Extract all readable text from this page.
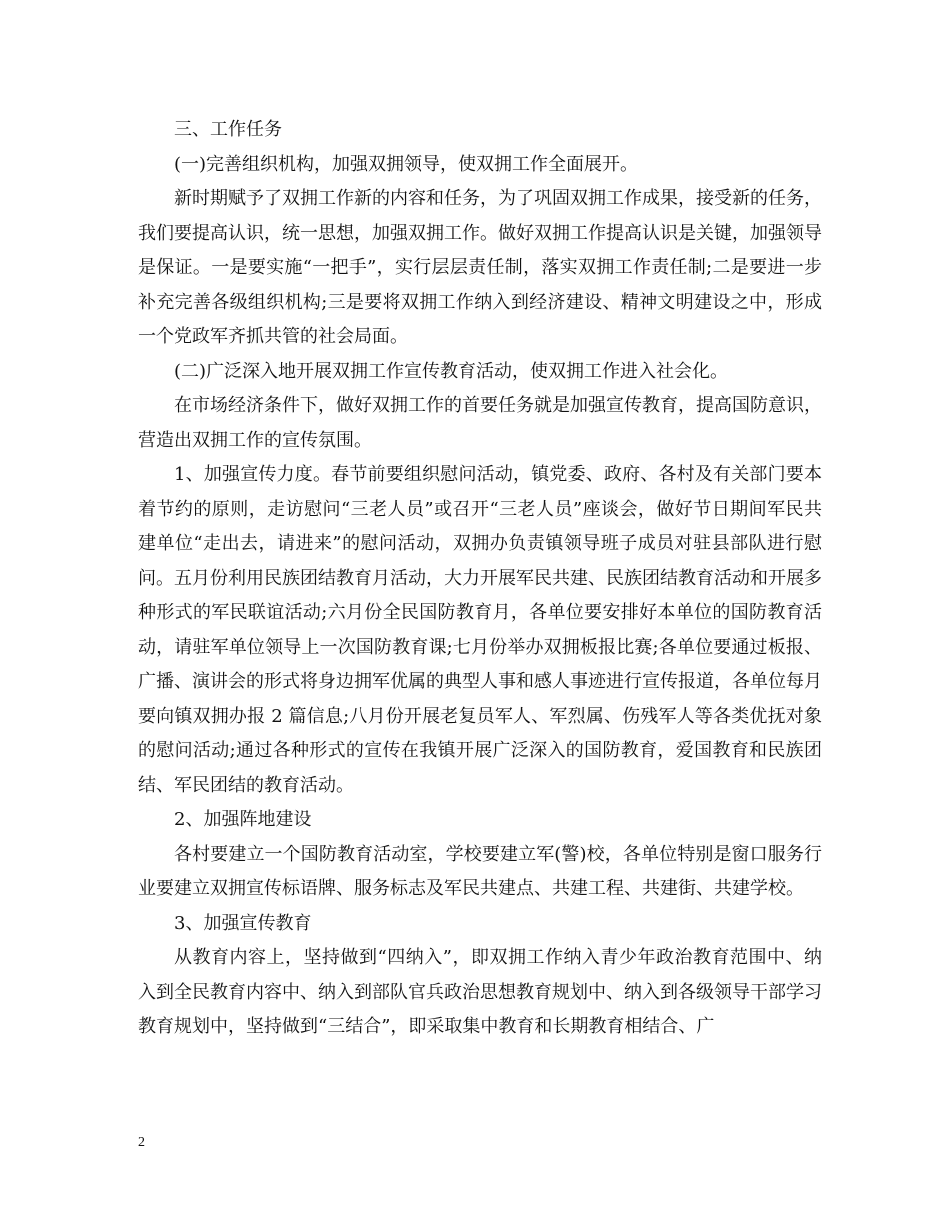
三、工作任务

(一)完善组织机构，加强双拥领导，使双拥工作全面展开。

新时期赋予了双拥工作新的内容和任务，为了巩固双拥工作成果，接受新的任务，我们要提高认识，统一思想，加强双拥工作。做好双拥工作提高认识是关键，加强领导是保证。一是要实施“一把手”，实行层层责任制，落实双拥工作责任制;二是要进一步补充完善各级组织机构;三是要将双拥工作纳入到经济建设、精神文明建设之中，形成一个党政军齐抓共管的社会局面。

(二)广泛深入地开展双拥工作宣传教育活动，使双拥工作进入社会化。

在市场经济条件下，做好双拥工作的首要任务就是加强宣传教育，提高国防意识，营造出双拥工作的宣传氛围。

1、加强宣传力度。春节前要组织慰问活动，镇党委、政府、各村及有关部门要本着节约的原则，走访慰问“三老人员”或召开“三老人员”座谈会，做好节日期间军民共建单位“走出去，请进来”的慰问活动，双拥办负责镇领导班子成员对驻县部队进行慰问。五月份利用民族团结教育月活动，大力开展军民共建、民族团结教育活动和开展多种形式的军民联谊活动;六月份全民国防教育月，各单位要安排好本单位的国防教育活动，请驻军单位领导上一次国防教育课;七月份举办双拥板报比赛;各单位要通过板报、广播、演讲会的形式将身边拥军优属的典型人事和感人事迹进行宣传报道，各单位每月要向镇双拥办报 2 篇信息;八月份开展老复员军人、军烈属、伤残军人等各类优抚对象的慰问活动;通过各种形式的宣传在我镇开展广泛深入的国防教育，爱国教育和民族团结、军民团结的教育活动。

2、加强阵地建设

各村要建立一个国防教育活动室，学校要建立军(警)校，各单位特别是窗口服务行业要建立双拥宣传标语牌、服务标志及军民共建点、共建工程、共建街、共建学校。

3、加强宣传教育

从教育内容上，坚持做到“四纳入”，即双拥工作纳入青少年政治教育范围中、纳入到全民教育内容中、纳入到部队官兵政治思想教育规划中、纳入到各级领导干部学习教育规划中，坚持做到“三结合”，即采取集中教育和长期教育相结合、广

2
